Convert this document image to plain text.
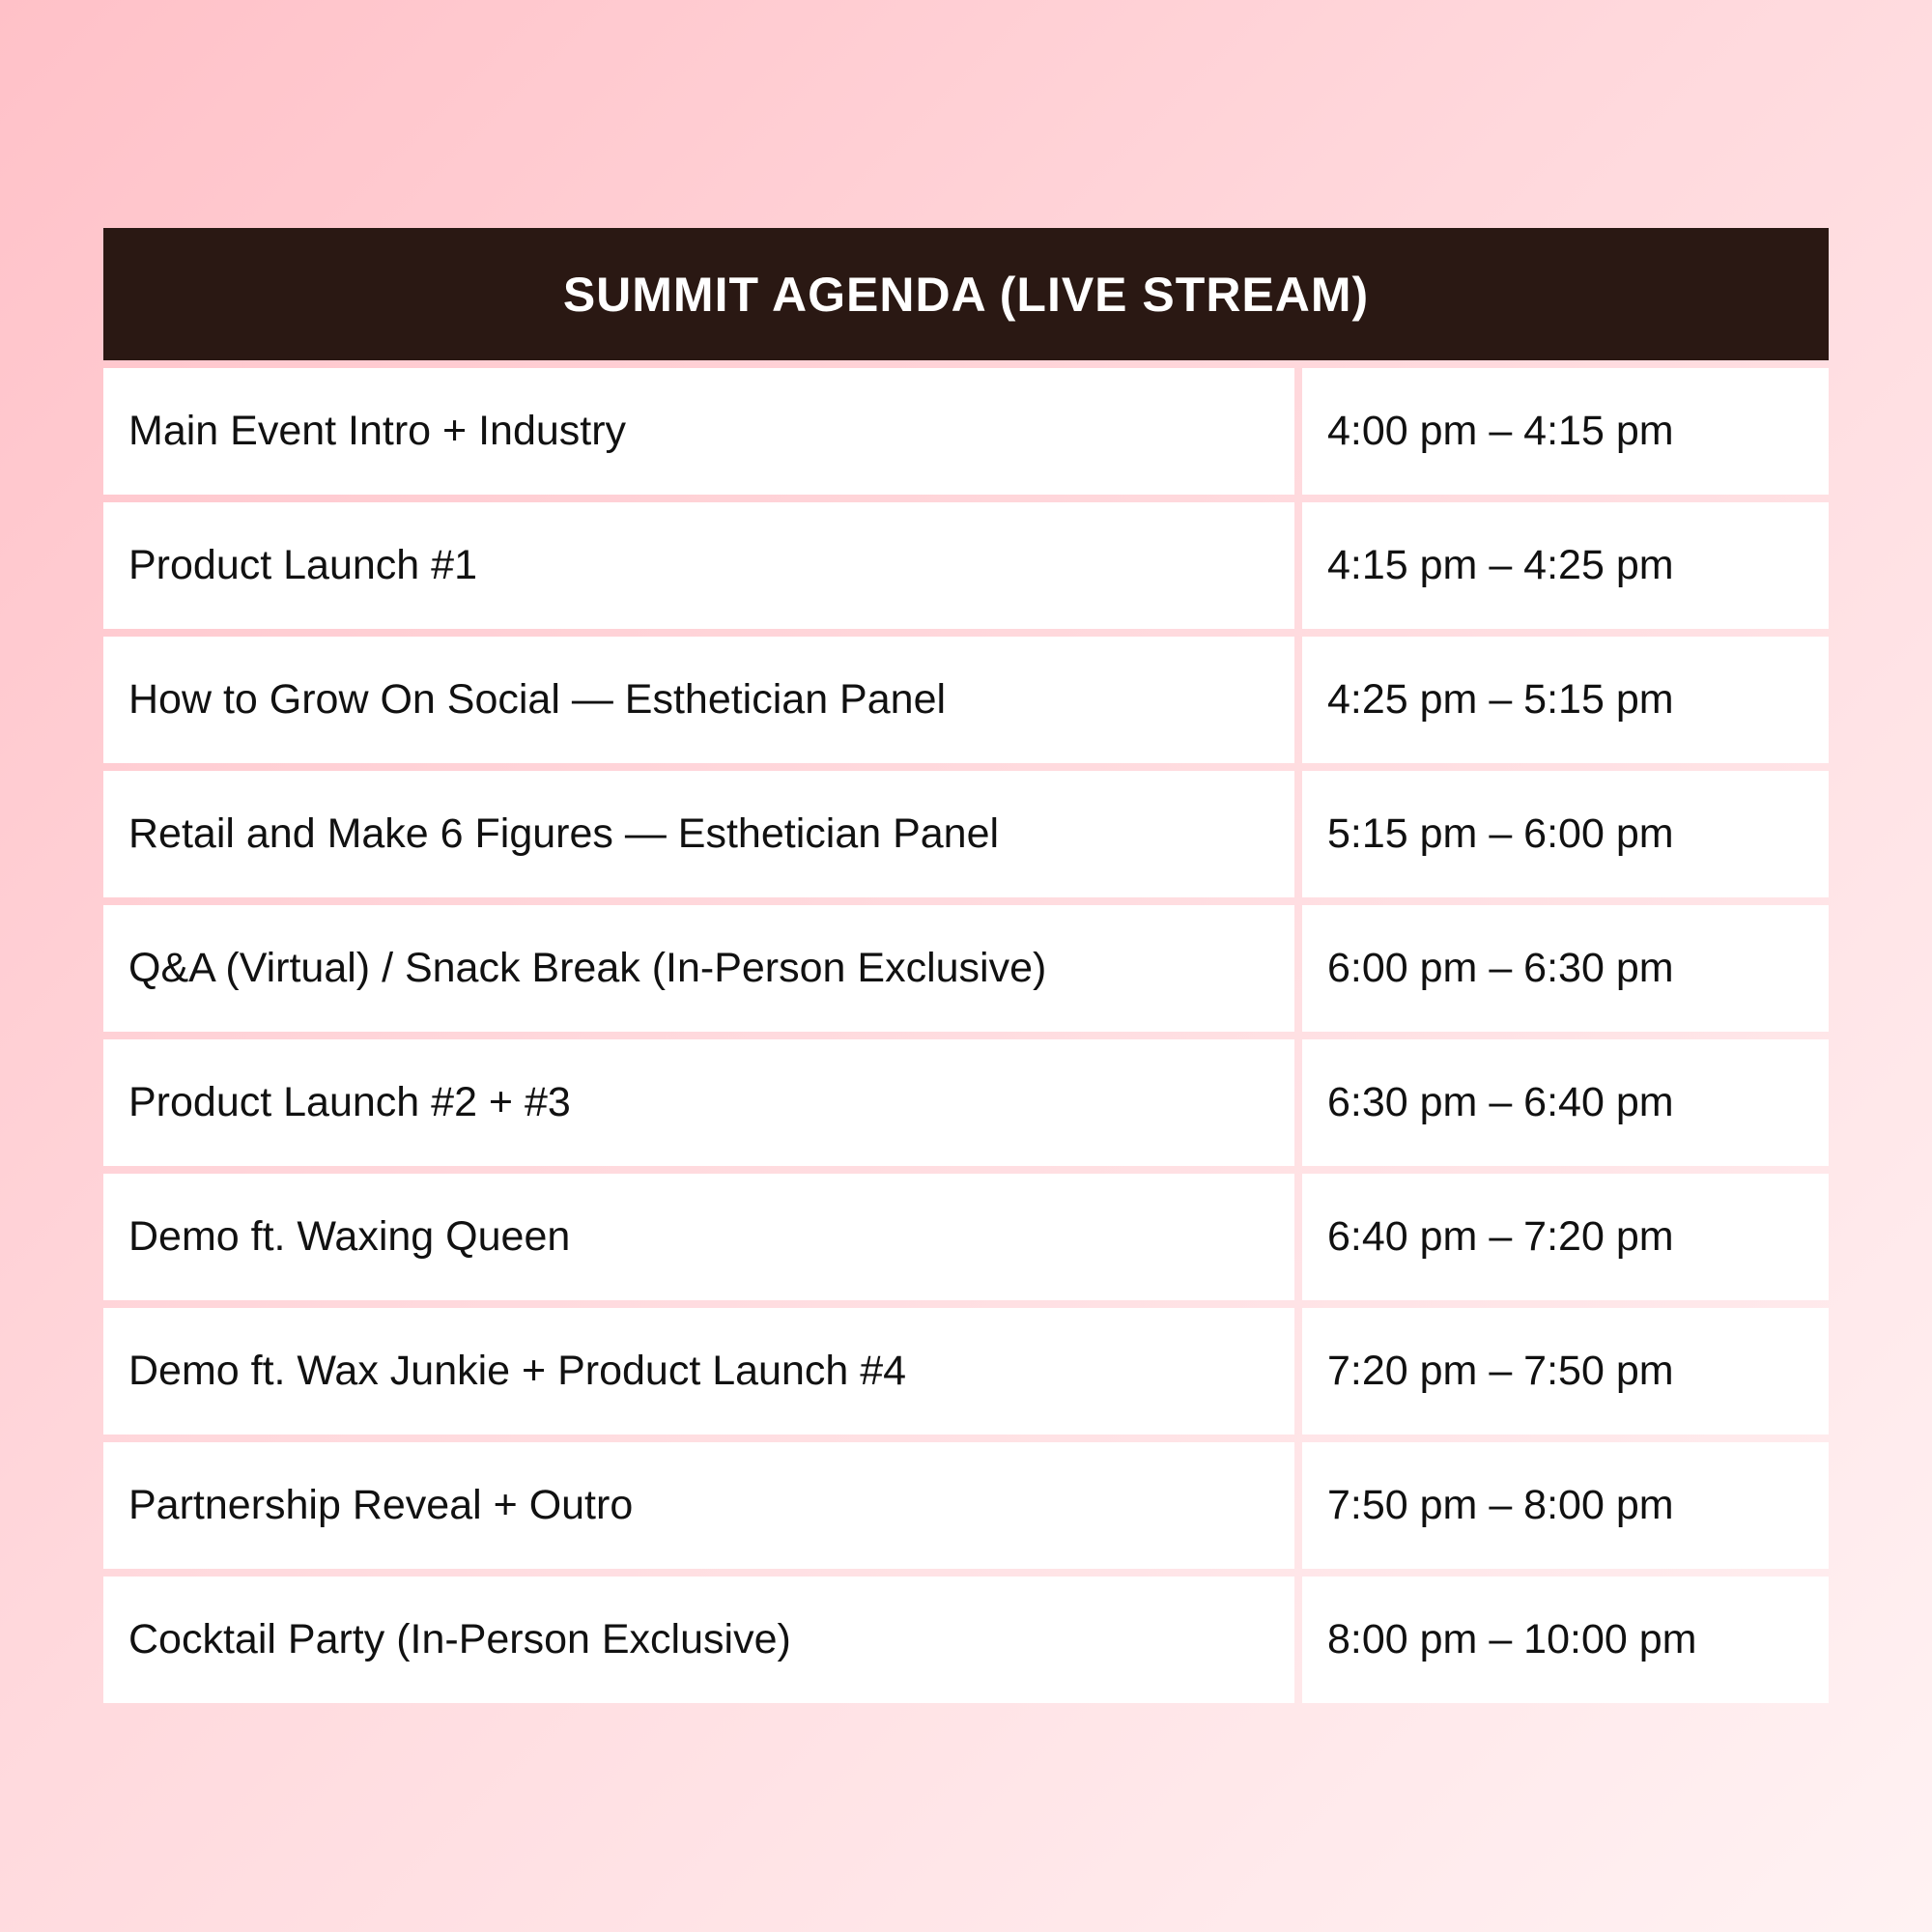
SUMMIT AGENDA (LIVE STREAM)
Main Event Intro + Industry	4:00 pm – 4:15 pm
Product Launch #1	4:15 pm – 4:25 pm
How to Grow On Social — Esthetician Panel	4:25 pm – 5:15 pm
Retail and Make 6 Figures — Esthetician Panel	5:15 pm – 6:00 pm
Q&A (Virtual) / Snack Break (In-Person Exclusive)	6:00 pm – 6:30 pm
Product Launch #2 + #3	6:30 pm – 6:40 pm
Demo ft. Waxing Queen	6:40 pm – 7:20 pm
Demo ft. Wax Junkie + Product Launch #4	7:20 pm – 7:50 pm
Partnership Reveal + Outro	7:50 pm – 8:00 pm
Cocktail Party (In-Person Exclusive)	8:00 pm – 10:00 pm
